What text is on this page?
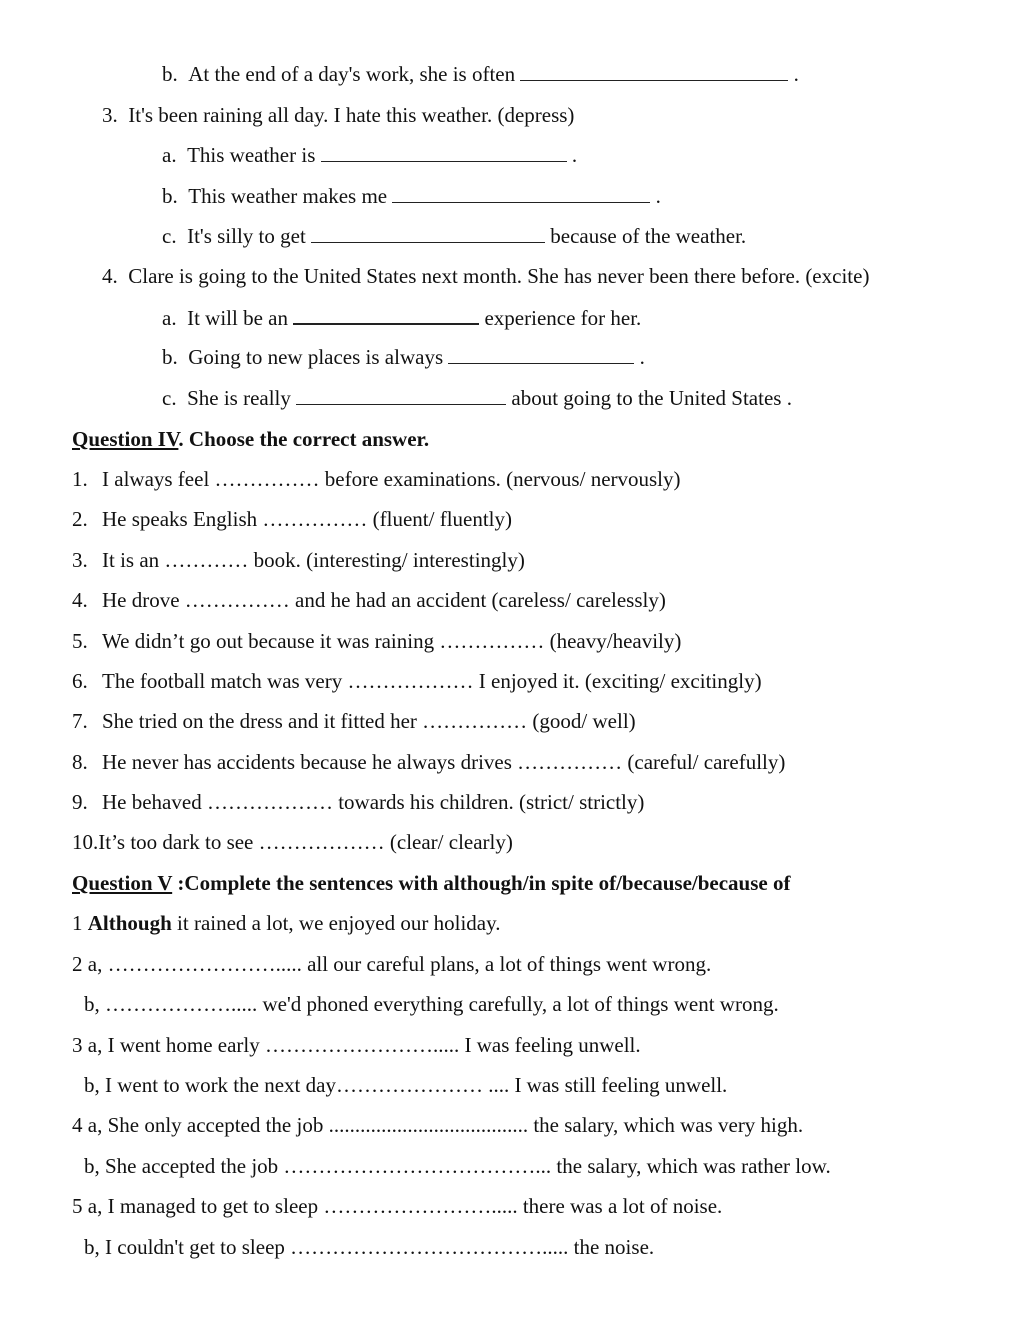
b. At the end of a day's work, she is often	.
3. It's been raining all day. I hate this weather. (depress)
a. This weather is	.
b. This weather makes me	.
c. It's silly to get	because of the weather.
4. Clare is going to the United States next month. She has never been there before. (excite)
a. It will be an	experience for her.
b. Going to new places is always	.
c. She is really	about going to the United States .
Question IV. Choose the correct answer.
1. I always feel …………… before examinations. (nervous/ nervously)
2. He speaks English …………… (fluent/ fluently)
3. It is an ………… book. (interesting/ interestingly)
4. He drove …………… and he had an accident (careless/ carelessly)
5. We didn’t go out because it was raining …………… (heavy/heavily)
6. The football match was very ……………… I enjoyed it. (exciting/ excitingly)
7. She tried on the dress and it fitted her …………… (good/ well)
8. He never has accidents because he always drives …………… (careful/ carefully)
9. He behaved ……………… towards his children. (strict/ strictly)
10.It’s too dark to see ……………… (clear/ clearly)
Question V :Complete the sentences with although/in spite of/because/because of
1 Although it rained a lot, we enjoyed our holiday.
2 a, ……………………..... all our careful plans, a lot of things went wrong.
b, ………………..... we'd phoned everything carefully, a lot of things went wrong.
3 a, I went home early ……………………..... I was feeling unwell.
b, I went to work the next day………………… .... I was still feeling unwell.
4 a, She only accepted the job ...................................... the salary, which was very high.
b, She accepted the job ………………………………... the salary, which was rather low.
5 a, I managed to get to sleep ……………………..... there was a lot of noise.
b, I couldn't get to sleep ………………………………..... the noise.
